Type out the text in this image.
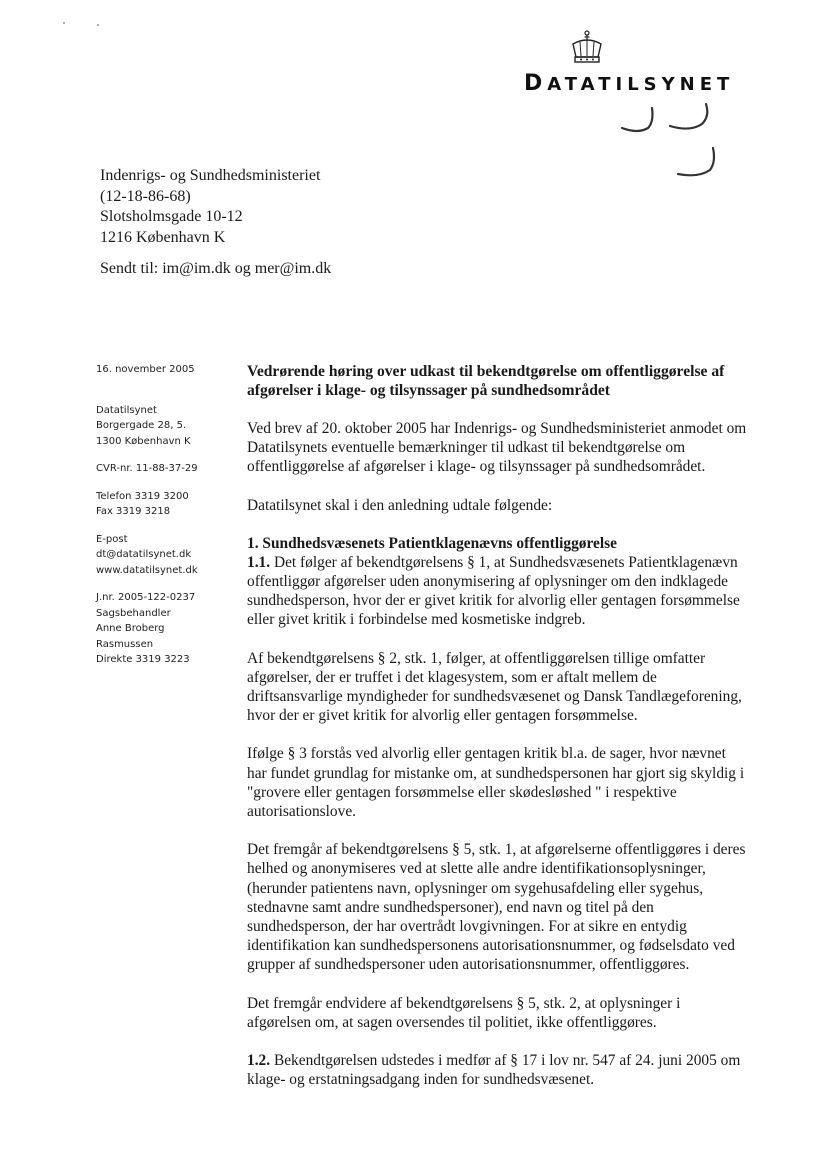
DATATILSYNET
Indenrigs- og Sundhedsministeriet
(12-18-86-68)
Slotsholmsgade 10-12
1216 København K
Sendt til: im@im.dk og mer@im.dk
16. november 2005
Datatilsynet
Borgergade 28, 5.
1300 København K
CVR-nr. 11-88-37-29
Telefon 3319 3200
Fax 3319 3218
E-post
dt@datatilsynet.dk
www.datatilsynet.dk
J.nr. 2005-122-0237
Sagsbehandler
Anne Broberg
Rasmussen
Direkte 3319 3223
Vedrørende høring over udkast til bekendtgørelse om offentliggørelse af afgørelser i klage- og tilsynssager på sundhedsområdet

Ved brev af 20. oktober 2005 har Indenrigs- og Sundhedsministeriet anmodet om Datatilsynets eventuelle bemærkninger til udkast til bekendtgørelse om offentliggørelse af afgørelser i klage- og tilsynssager på sundhedsområdet.

Datatilsynet skal i den anledning udtale følgende:

1. Sundhedsvæsenets Patientklagenævns offentliggørelse

1.1. Det følger af bekendtgørelsens § 1, at Sundhedsvæsenets Patientklagenævn offentliggør afgørelser uden anonymisering af oplysninger om den indklagede sundhedsperson, hvor der er givet kritik for alvorlig eller gentagen forsømmelse eller givet kritik i forbindelse med kosmetiske indgreb.

Af bekendtgørelsens § 2, stk. 1, følger, at offentliggørelsen tillige omfatter afgørelser, der er truffet i det klagesystem, som er aftalt mellem de driftsansvarlige myndigheder for sundhedsvæsenet og Dansk Tandlægeforening, hvor der er givet kritik for alvorlig eller gentagen forsømmelse.

Ifølge § 3 forstås ved alvorlig eller gentagen kritik bl.a. de sager, hvor nævnet har fundet grundlag for mistanke om, at sundhedspersonen har gjort sig skyldig i "grovere eller gentagen forsømmelse eller skødesløshed " i respektive autorisationslove.

Det fremgår af bekendtgørelsens § 5, stk. 1, at afgørelserne offentliggøres i deres helhed og anonymiseres ved at slette alle andre identifikationsoplysninger, (herunder patientens navn, oplysninger om sygehusafdeling eller sygehus, stednavne samt andre sundhedspersoner), end navn og titel på den sundhedsperson, der har overtrådt lovgivningen. For at sikre en entydig identifikation kan sundhedspersonens autorisationsnummer, og fødselsdato ved grupper af sundhedspersoner uden autorisationsnummer, offentliggøres.

Det fremgår endvidere af bekendtgørelsens § 5, stk. 2, at oplysninger i afgørelsen om, at sagen oversendes til politiet, ikke offentliggøres.

1.2. Bekendtgørelsen udstedes i medfør af § 17 i lov nr. 547 af 24. juni 2005 om klage- og erstatningsadgang inden for sundhedsvæsenet.
